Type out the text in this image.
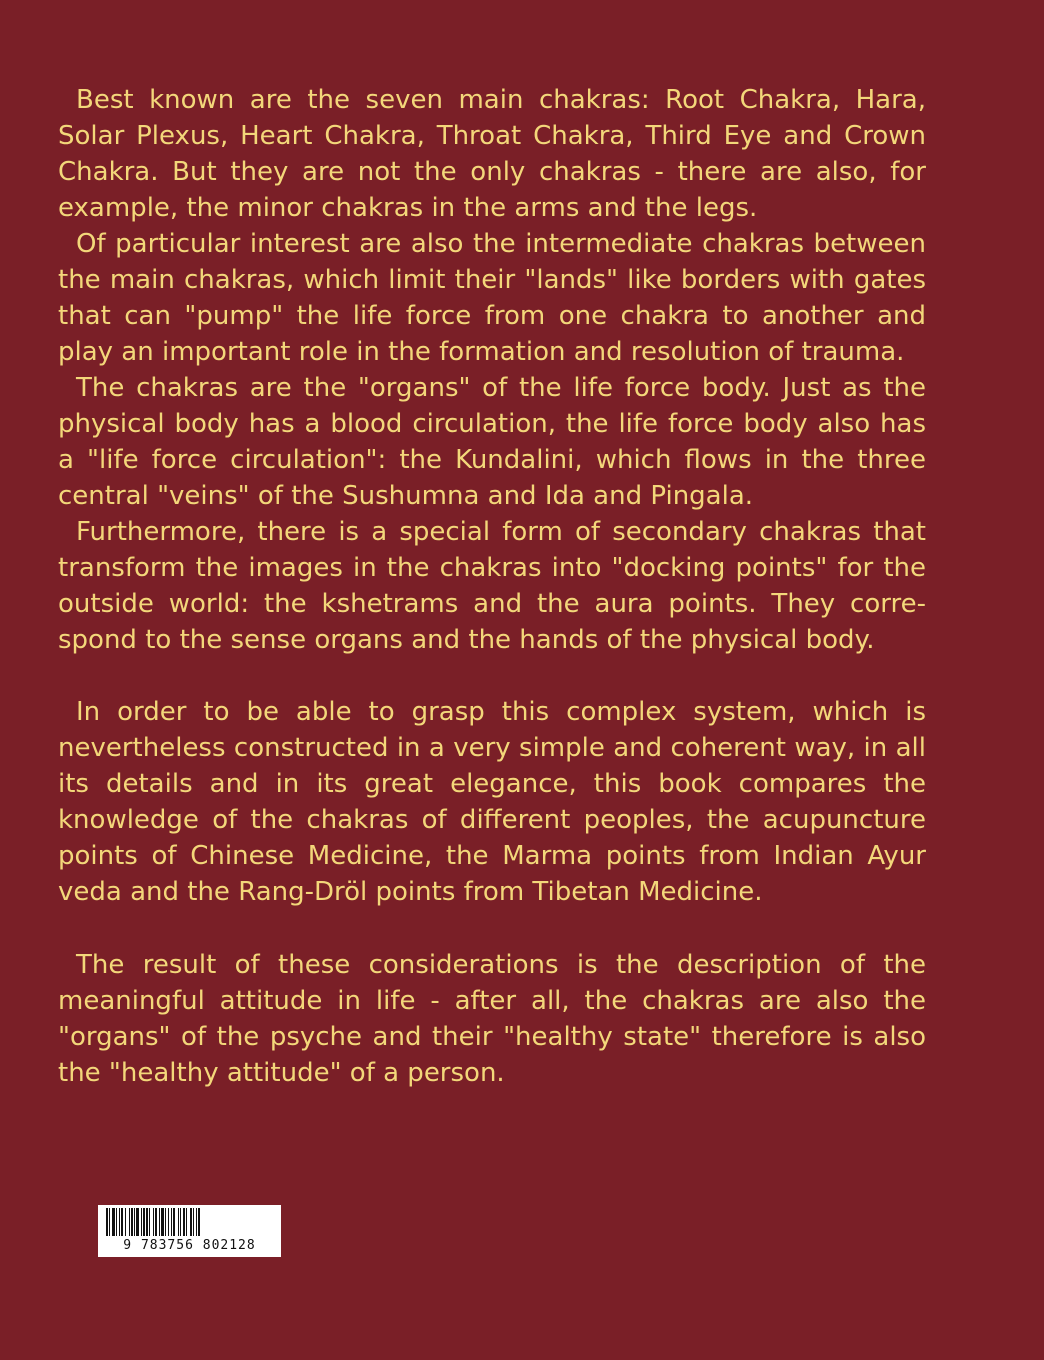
Best known are the seven main chakras: Root Chakra, Hara, Solar Plexus, Heart Chakra, Throat Chakra, Third Eye and Crown Chakra. But they are not the only chakras - there are also, for example, the minor chakras in the arms and the legs.

Of particular interest are also the intermediate chakras between the main chakras, which limit their "lands" like borders with gates that can "pump" the life force from one chakra to another and play an important role in the formation and resolution of trauma.

The chakras are the "organs" of the life force body. Just as the physical body has a blood circulation, the life force body also has a "life force circulation": the Kundalini, which flows in the three central "veins" of the Sushumna and Ida and Pingala.

Furthermore, there is a special form of secondary chakras that transform the images in the chakras into "docking points" for the outside world: the kshetrams and the aura points. They corre-spond to the sense organs and the hands of the physical body.

In order to be able to grasp this complex system, which is nevertheless constructed in a very simple and coherent way, in all its details and in its great elegance, this book compares the knowledge of the chakras of different peoples, the acupuncture points of Chinese Medicine, the Marma points from Indian Ayur veda and the Rang-Dröl points from Tibetan Medicine.

The result of these considerations is the description of the meaningful attitude in life - after all, the chakras are also the "organs" of the psyche and their "healthy state" therefore is also the "healthy attitude" of a person.

9 783756 802128
